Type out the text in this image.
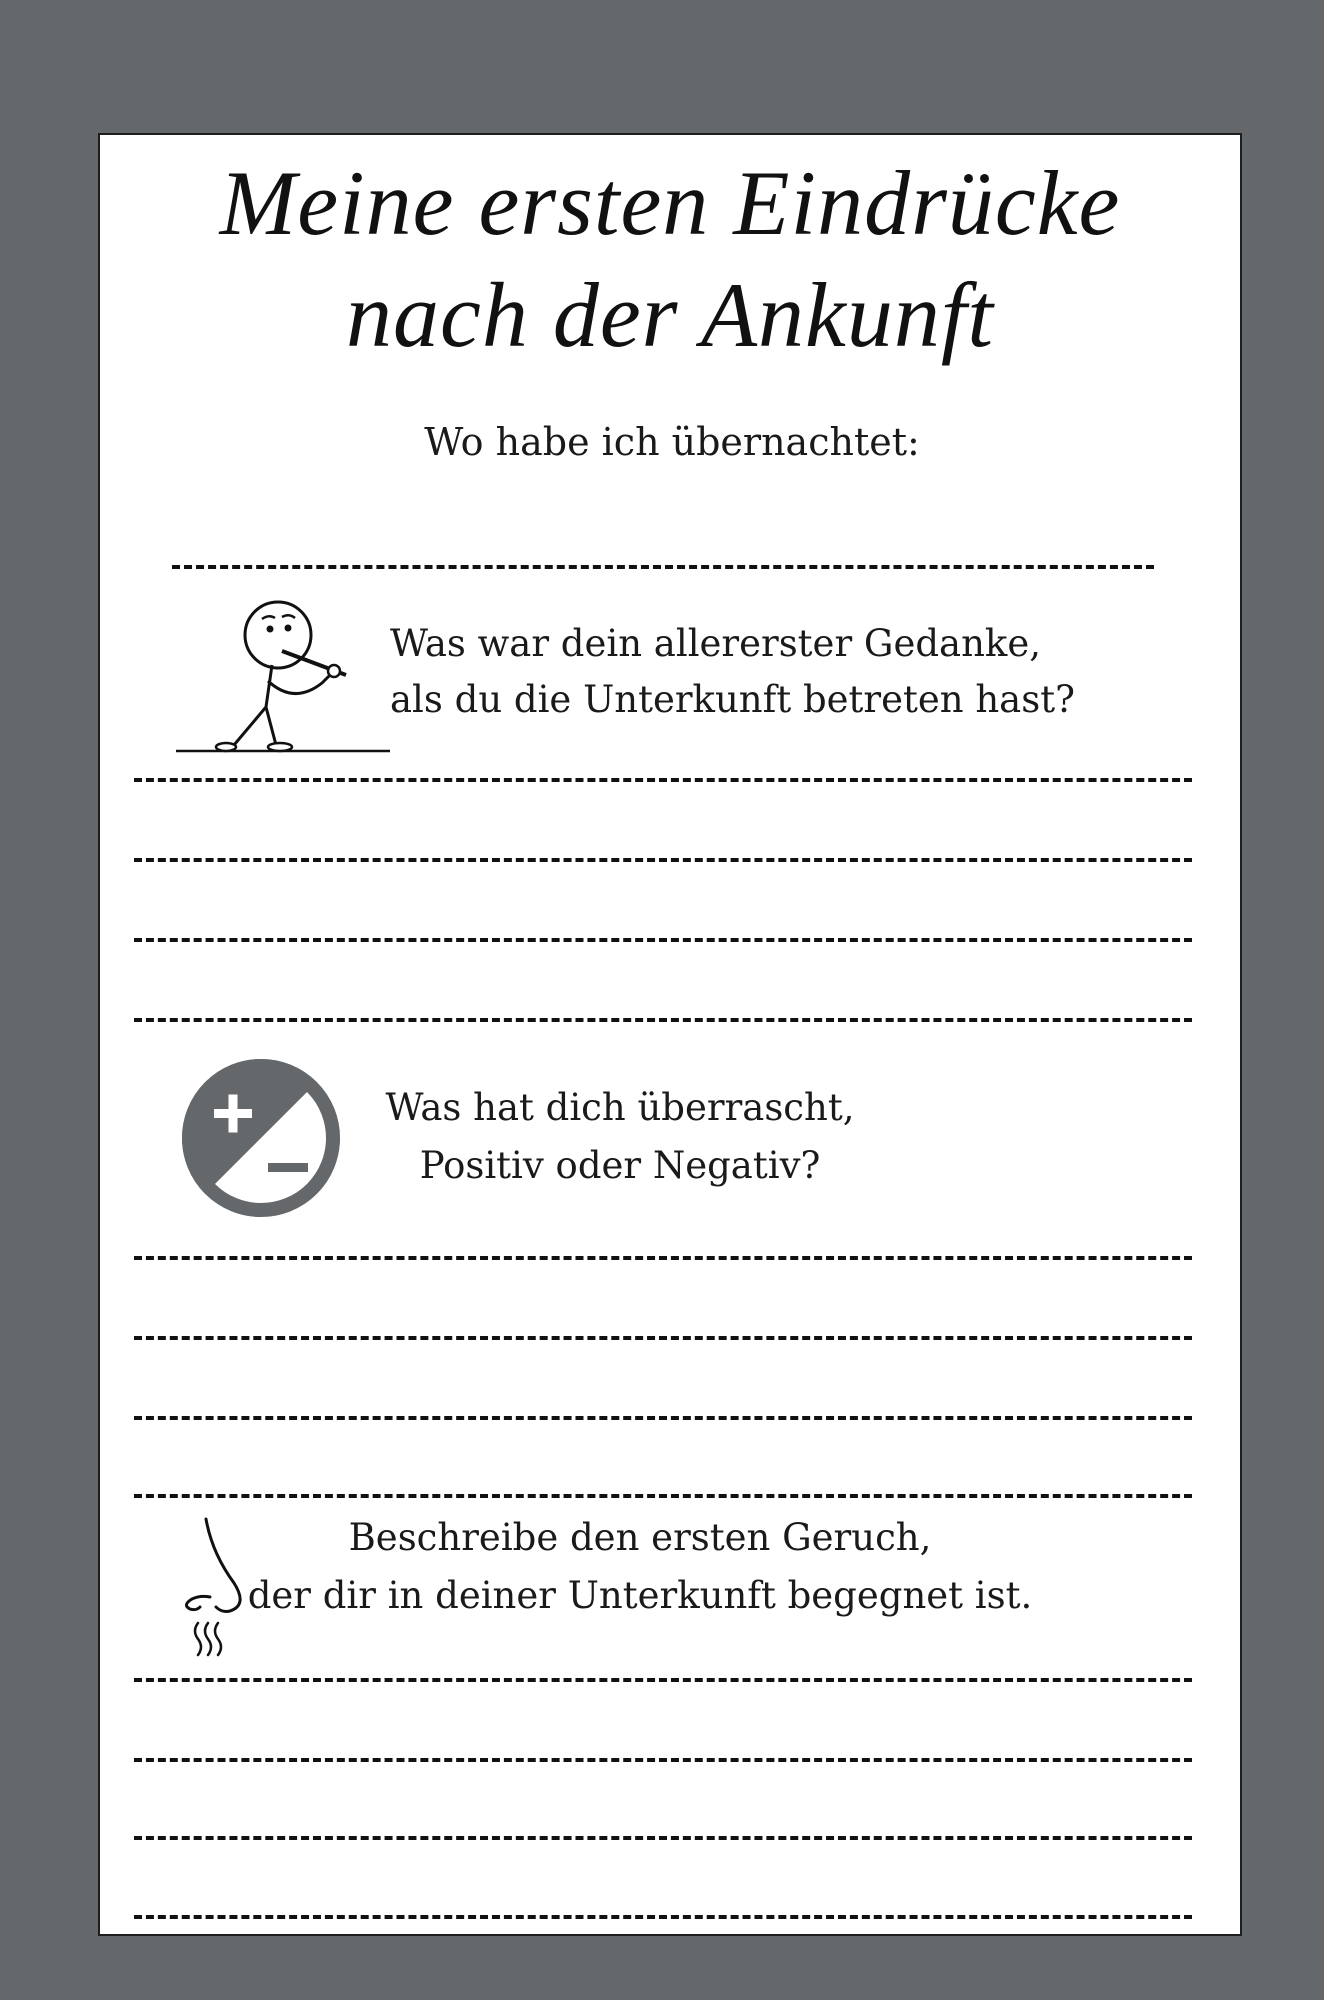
Meine ersten Eindrücke
nach der Ankunft
Wo habe ich übernachtet:
Was war dein allererster Gedanke,
als du die Unterkunft betreten hast?
Was hat dich überrascht,
Positiv oder Negativ?
Beschreibe den ersten Geruch,
der dir in deiner Unterkunft begegnet ist.
